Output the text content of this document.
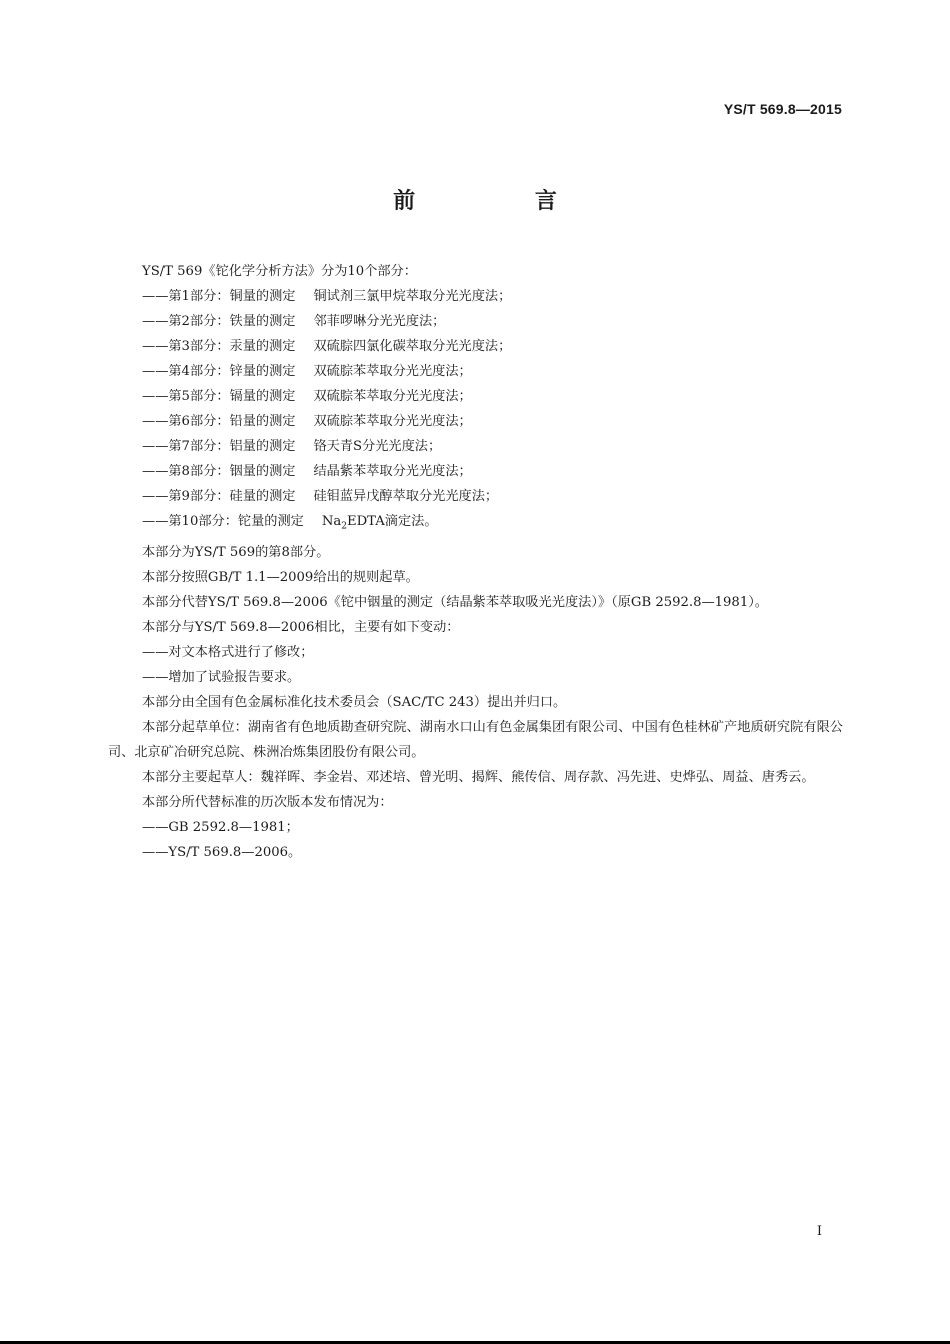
YS/T 569.8—2015
前 言

YS/T 569《铊化学分析方法》分为10个部分：

——第1部分：铜量的测定 铜试剂三氯甲烷萃取分光光度法；

——第2部分：铁量的测定 邻菲啰啉分光光度法；

——第3部分：汞量的测定 双硫腙四氯化碳萃取分光光度法；

——第4部分：锌量的测定 双硫腙苯萃取分光光度法；

——第5部分：镉量的测定 双硫腙苯萃取分光光度法；

——第6部分：铅量的测定 双硫腙苯萃取分光光度法；

——第7部分：铝量的测定 铬天青S分光光度法；

——第8部分：铟量的测定 结晶紫苯萃取分光光度法；

——第9部分：硅量的测定 硅钼蓝异戊醇萃取分光光度法；

——第10部分：铊量的测定 $Na_2EDTA$滴定法。

本部分为YS/T 569的第8部分。

本部分按照GB/T 1.1—2009给出的规则起草。

本部分代替YS/T 569.8—2006《铊中铟量的测定（结晶紫苯萃取吸光光度法）》（原GB 2592.8—1981）。

本部分与YS/T 569.8—2006相比，主要有如下变动：

——对文本格式进行了修改；

——增加了试验报告要求。

本部分由全国有色金属标准化技术委员会（SAC/TC 243）提出并归口。

本部分起草单位：湖南省有色地质勘查研究院、湖南水口山有色金属集团有限公司、中国有色桂林矿产地质研究院有限公司、北京矿冶研究总院、株洲冶炼集团股份有限公司。

本部分主要起草人：魏祥晖、李金岩、邓述培、曾光明、揭辉、熊传信、周存款、冯先进、史烨弘、周益、唐秀云。

本部分所代替标准的历次版本发布情况为：

——GB 2592.8—1981；

——YS/T 569.8—2006。

I
